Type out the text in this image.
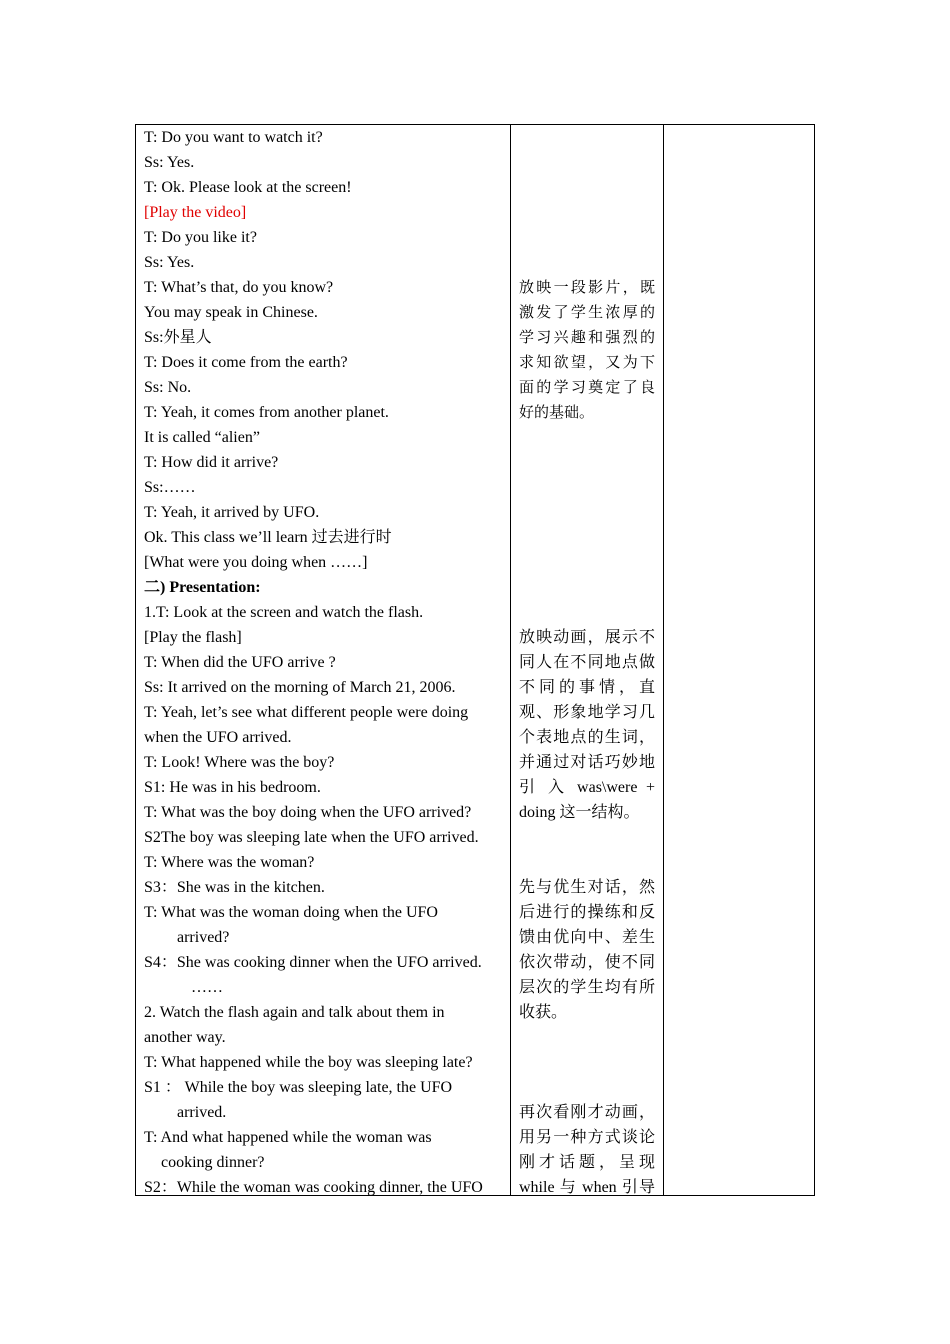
T: Do you want to watch it?
Ss: Yes.
T: Ok. Please look at the screen!
[Play the video]
T: Do you like it?
Ss: Yes.
T: What’s that, do you know?
You may speak in Chinese.
Ss:外星人
T: Does it come from the earth?
Ss: No.
T: Yeah, it comes from another planet.
It is called “alien”
T: How did it arrive?
Ss:……
T: Yeah, it arrived by UFO.
Ok. This class we’ll learn 过去进行时
[What were you doing when ……]
二) Presentation:
1.T: Look at the screen and watch the flash.
[Play the flash]
T: When did the UFO arrive ?
Ss: It arrived on the morning of March 21, 2006.
T: Yeah, let’s see what different people were doing
when the UFO arrived.
T: Look! Where was the boy?
S1: He was in his bedroom.
T: What was the boy doing when the UFO arrived?
S2The boy was sleeping late when the UFO arrived.
T: Where was the woman?
S3：She was in the kitchen.
T: What was the woman doing when the UFO
arrived?
S4：She was cooking dinner when the UFO arrived.
……
2. Watch the flash again and talk about them in
another way.
T: What happened while the boy was sleeping late?
S1 ： While the boy was sleeping late, the UFO
arrived.
T: And what happened while the woman was
cooking dinner?
S2：While the woman was cooking dinner, the UFO
放映一段影片，既
激发了学生浓厚的
学习兴趣和强烈的
求知欲望，又为下
面的学习奠定了良
好的基础。
放映动画，展示不
同人在不同地点做
不同的事情，直
观、形象地学习几
个表地点的生词，
并通过对话巧妙地
引 入 was\were +
doing 这一结构。
先与优生对话，然
后进行的操练和反
馈由优向中、差生
依次带动，使不同
层次的学生均有所
收获。
再次看刚才动画，
用另一种方式谈论
刚才话题，呈现
while 与 when 引导
